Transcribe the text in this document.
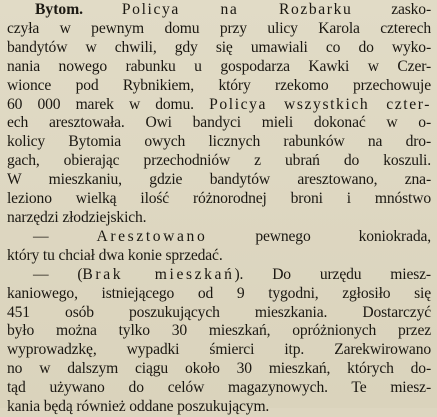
Bytom. Policya na Rozbarku zasko-
czyła w pewnym domu przy ulicy Karola czterech
bandytów w chwili, gdy się umawiali co do wyko-
nania nowego rabunku u gospodarza Kawki w Czer-
wionce pod Rybnikiem, który rzekomo przechowuje
60 000 marek w domu. Policya wszystkich czter-
ech aresztowała. Owi bandyci mieli dokonać w o-
kolicy Bytomia owych licznych rabunków na dro-
gach, obierając przechodniów z ubrań do koszuli.
W mieszkaniu, gdzie bandytów aresztowano, zna-
leziono wielką ilość różnorodnej broni i mnóstwo
narzędzi złodziejskich.
—	Aresztowano	pewnego koniokrada,
który tu chciał dwa konie sprzedać.
— (Brak mieszkań). Do urzędu miesz-
kaniowego, istniejącego od 9 tygodni, zgłosiło się
451 osób poszukujących mieszkania. Dostarczyć
było można tylko 30 mieszkań, opróżnionych przez
wyprowadzkę, wypadki śmierci itp. Zarekwirowano
no w dalszym ciągu około 30 mieszkań, których do-
tąd używano do celów magazynowych. Te miesz-
kania będą również oddane poszukującym.
